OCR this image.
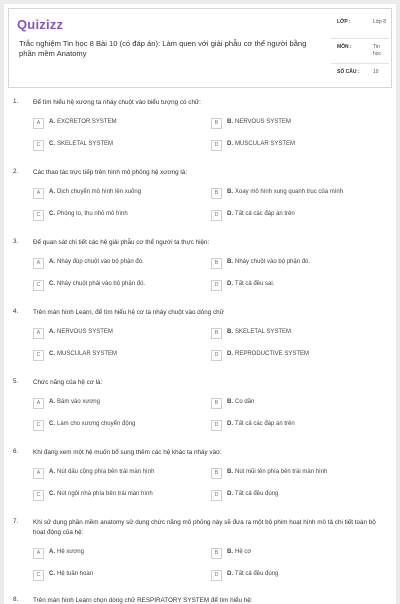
Quizizz
Trắc nghiệm Tin học 8 Bài 10 (có đáp án): Làm quen với giải phẫu cơ thể người bằng phần mềm Anatomy
LỚP :	Lớp 8
MÔN :	Tin học
SỐ CÂU :	10
1. Để tìm hiểu hệ xương ta nháy chuột vào biểu tượng có chữ:
A	A. EXCRETOR SYSTEM	B	B. NERVOUS SYSTEM
C	C. SKELETAL SYSTEM	D	D. MUSCULAR SYSTEM
2. Các thao tác trực tiếp trên hình mô phỏng hệ xương là:
A	A. Dịch chuyển mô hình lên xuống	B	B. Xoay mô hình xung quanh trục của mình
C	C. Phóng to, thu nhỏ mô hình	D	D. Tất cả các đáp án trên
3. Để quan sát chi tiết các hệ giải phẫu cơ thể người ta thực hiện:
A	A. Nháy đúp chuột vào bộ phận đó.	B	B. Nháy chuột vào bộ phận đó.
C	C. Nháy chuột phải vào bộ phận đó.	D	D. Tất cả đều sai.
4. Trên màn hình Learn, để tìm hiểu hệ cơ ta nháy chuột vào dòng chữ
A	A. NERVOUS SYSTEM	B	B. SKELETAL SYSTEM
C	C. MUSCULAR SYSTEM	D	D. REPRODUCTIVE SYSTEM
5. Chức năng của hệ cơ là:
A	A. Bám vào xương	B	B. Co dãn
C	C. Làm cho xương chuyển động	D	D. Tất cả các đáp án trên
6. Khi đang xem một hệ muốn bổ sung thêm các hệ khác ta nháy vào:
A	A. Nút dấu cộng phía bên trái màn hình	B	B. Nút mũi tên phía bên trái màn hình
C	C. Nút ngôi nhà phía bên trái màn hình	D	D. Tất cả đều đúng
7. Khi sử dụng phần mềm anatomy sử dụng chức năng mô phỏng này sẽ đưa ra một bộ phim hoạt hình mô tả chi tiết toàn bộ hoạt động của hệ:
A	A. Hệ xương	B	B. Hệ cơ
C	C. Hệ tuần hoàn	D	D. Tất cả đều đúng
8. Trên màn hình Learn chọn dòng chữ RESPIRATORY SYSTEM để tìm hiểu hệ:
